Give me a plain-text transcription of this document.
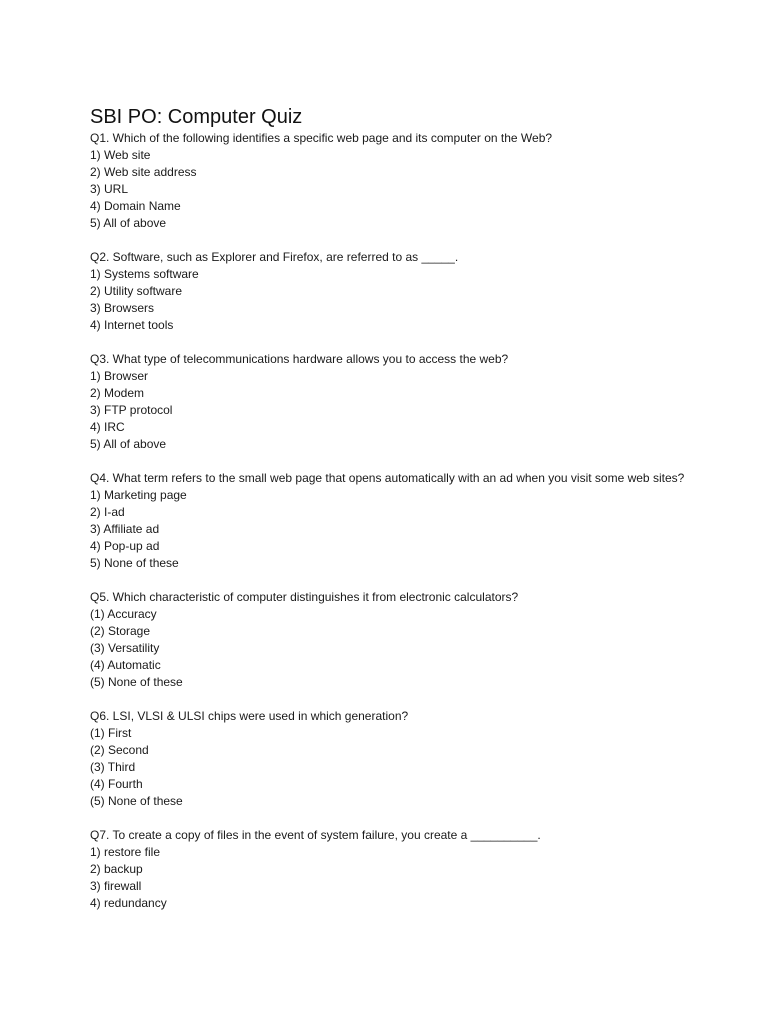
SBI PO: Computer Quiz

Q1. Which of the following identifies a specific web page and its computer on the Web?

1) Web site
2) Web site address
3) URL
4) Domain Name
5) All of above

Q2. Software, such as Explorer and Firefox, are referred to as _____.

1) Systems software
2) Utility software
3) Browsers
4) Internet tools

Q3. What type of telecommunications hardware allows you to access the web?

1) Browser
2) Modem
3) FTP protocol
4) IRC
5) All of above

Q4. What term refers to the small web page that opens automatically with an ad when you visit some web sites?

1) Marketing page
2) I-ad
3) Affiliate ad
4) Pop-up ad
5) None of these

Q5. Which characteristic of computer distinguishes it from electronic calculators?

(1) Accuracy
(2) Storage
(3) Versatility
(4) Automatic
(5) None of these

Q6. LSI, VLSI & ULSI chips were used in which generation?

(1) First
(2) Second
(3) Third
(4) Fourth
(5) None of these

Q7. To create a copy of files in the event of system failure, you create a __________.

1) restore file
2) backup
3) firewall
4) redundancy
